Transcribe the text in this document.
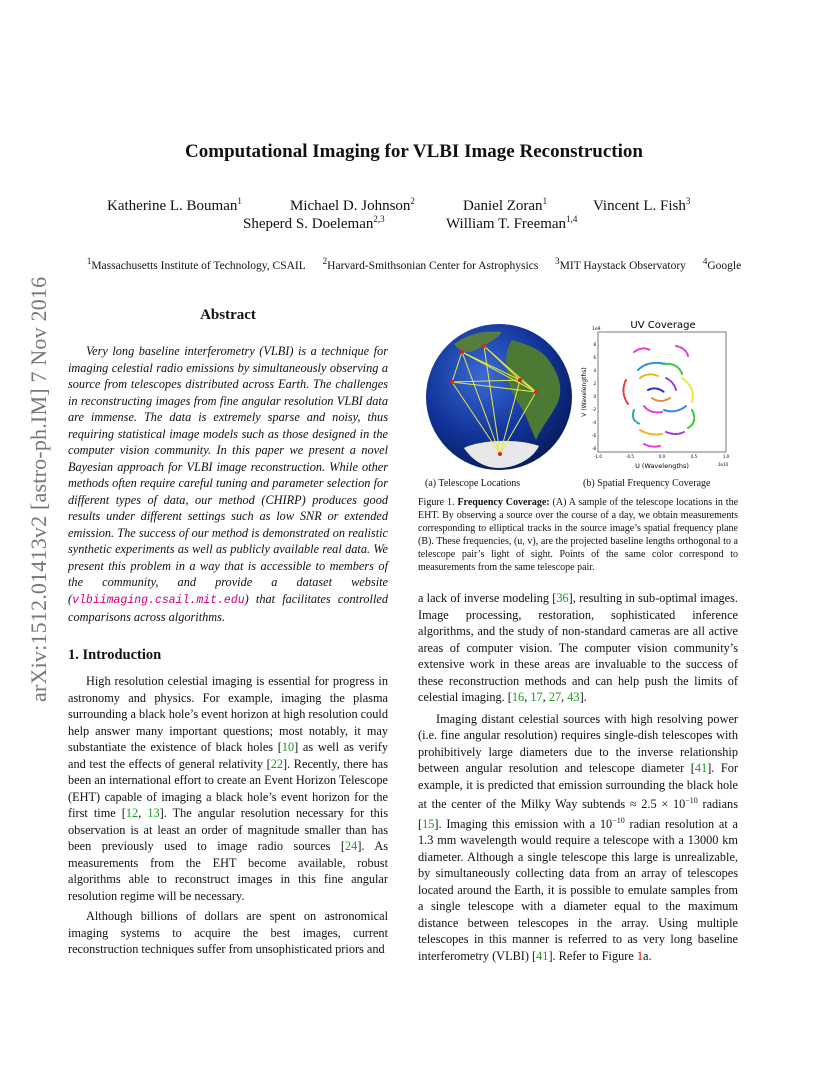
arXiv:1512.01413v2 [astro-ph.IM] 7 Nov 2016
Computational Imaging for VLBI Image Reconstruction
Katherine L. Bouman$^1$	Michael D. Johnson$^2$	Daniel Zoran$^1$	Vincent L. Fish$^3$
Sheperd S. Doeleman$^{2,3}$	William T. Freeman$^{1,4}$
$^1$Massachusetts Institute of Technology, CSAIL $^2$Harvard-Smithsonian Center for Astrophysics $^3$MIT Haystack Observatory $^4$Google
Abstract

Very long baseline interferometry (VLBI) is a technique for imaging celestial radio emissions by simultaneously observing a source from telescopes distributed across Earth. The challenges in reconstructing images from fine angular resolution VLBI data are immense. The data is extremely sparse and noisy, thus requiring statistical image models such as those designed in the computer vision community. In this paper we present a novel Bayesian approach for VLBI image reconstruction. While other methods often require careful tuning and parameter selection for different types of data, our method (CHIRP) produces good results under different settings such as low SNR or extended emission. The success of our method is demonstrated on realistic synthetic experiments as well as publicly available real data. We present this problem in a way that is accessible to members of the community, and provide a dataset website (vlbiimaging.csail.mit.edu) that facilitates controlled comparisons across algorithms.

1. Introduction

High resolution celestial imaging is essential for progress in astronomy and physics. For example, imaging the plasma surrounding a black hole’s event horizon at high resolution could help answer many important questions; most notably, it may substantiate the existence of black holes [10] as well as verify and test the effects of general relativity [22]. Recently, there has been an international effort to create an Event Horizon Telescope (EHT) capable of imaging a black hole’s event horizon for the first time [12, 13]. The angular resolution necessary for this observation is at least an order of magnitude smaller than has been previously used to image radio sources [24]. As measurements from the EHT become available, robust algorithms able to reconstruct images in this fine angular resolution regime will be necessary.

Although billions of dollars are spent on astronomical imaging systems to acquire the best images, current reconstruction techniques suffer from unsophisticated priors and

UV Coverage
1e9
V (Wavelengths)
U (Wavelengths)	1e10
-1.0	-0.5	0.0	0.5	1.0
8
6
4
2
0
-2
-4
-6
-8
(a) Telescope Locations	(b) Spatial Frequency Coverage
Figure 1. Frequency Coverage: (A) A sample of the telescope locations in the EHT. By observing a source over the course of a day, we obtain measurements corresponding to elliptical tracks in the source image’s spatial frequency plane (B). These frequencies, (u, v), are the projected baseline lengths orthogonal to a telescope pair’s light of sight. Points of the same color correspond to measurements from the same telescope pair.

a lack of inverse modeling [36], resulting in sub-optimal images. Image processing, restoration, sophisticated inference algorithms, and the study of non-standard cameras are all active areas of computer vision. The computer vision community’s extensive work in these areas are invaluable to the success of these reconstruction methods and can help push the limits of celestial imaging. [16, 17, 27, 43].

Imaging distant celestial sources with high resolving power (i.e. fine angular resolution) requires single-dish telescopes with prohibitively large diameters due to the inverse relationship between angular resolution and telescope diameter [41]. For example, it is predicted that emission surrounding the black hole at the center of the Milky Way subtends ≈ $2.5 \times 10^{-10}$ radians [15]. Imaging this emission with a $10^{-10}$ radian resolution at a 1.3 mm wavelength would require a telescope with a 13000 km diameter. Although a single telescope this large is unrealizable, by simultaneously collecting data from an array of telescopes located around the Earth, it is possible to emulate samples from a single telescope with a diameter equal to the maximum distance between telescopes in the array. Using multiple telescopes in this manner is referred to as very long baseline interferometry (VLBI) [41]. Refer to Figure 1a.
